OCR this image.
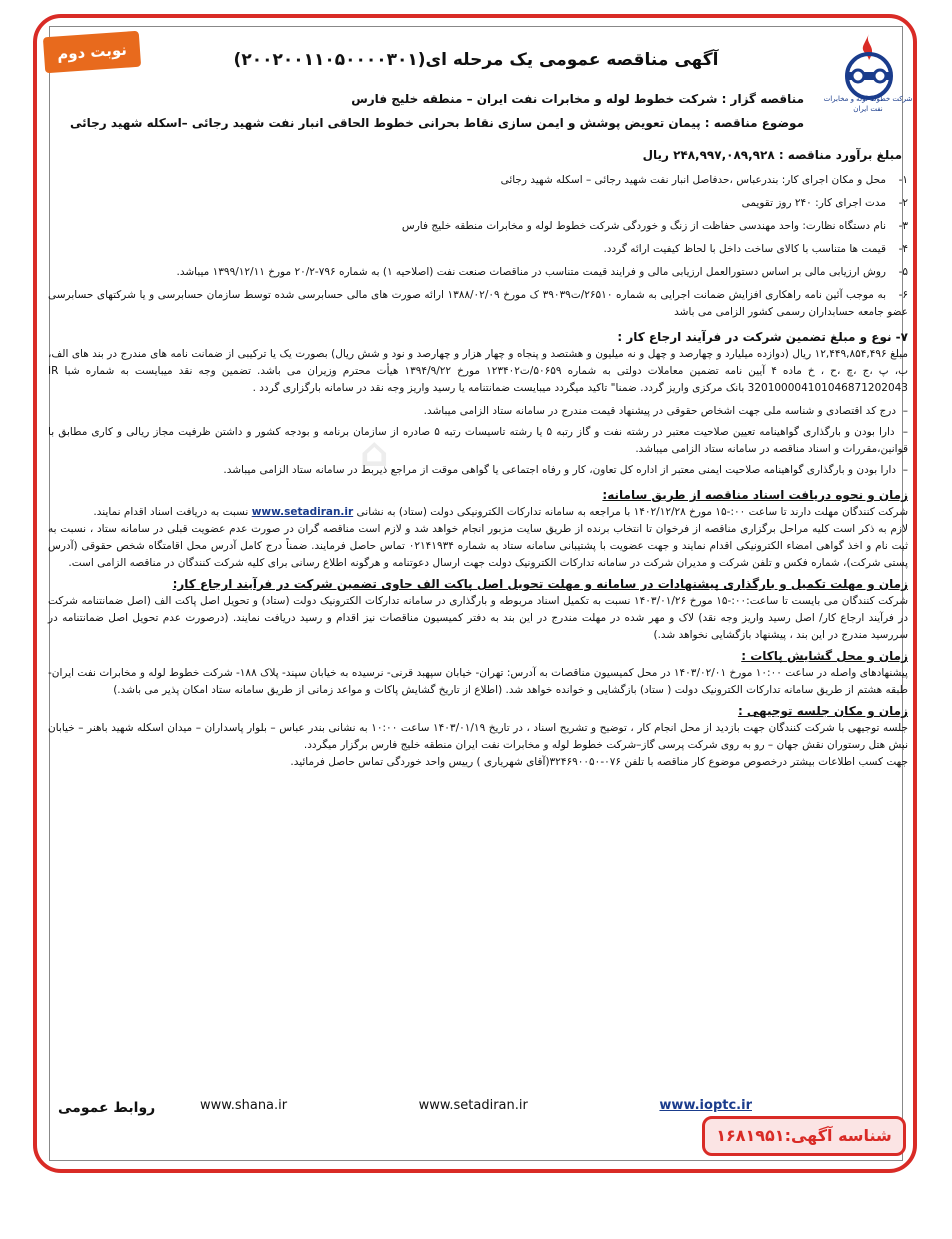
نوبت دوم
شرکت خطوط لوله و مخابرات نفت ایران
آگهی مناقصه عمومی یک مرحله ای(۲۰۰۲۰۰۱۱۰۵۰۰۰۰۳۰۱)
مناقصه گزار : شرکت خطوط لوله و مخابرات نفت ایران – منطقه خلیج فارس
موضوع مناقصه : پیمان تعویض پوشش و ایمن سازی نقاط بحرانی خطوط الحاقی انبار نفت شهید رجائی –اسکله شهید رجائی
مبلغ برآورد مناقصه : ۲۴۸,۹۹۷,۰۸۹,۹۲۸ ریال
⌂
۱-محل و مکان اجرای کار: بندرعباس ،حدفاصل انبار نفت شهید رجائی – اسکله شهید رجائی
۲-مدت اجرای کار: ۲۴۰ روز تقویمی
۳-نام دستگاه نظارت: واحد مهندسی حفاظت از زنگ و خوردگی شرکت خطوط لوله و مخابرات منطقه خلیج فارس
۴-قیمت ها متناسب با کالای ساخت داخل با لحاظ کیفیت ارائه گردد.
۵-روش ارزیابی مالی بر اساس دستورالعمل ارزیابی مالی و فرایند قیمت متناسب در مناقصات صنعت نفت (اصلاحیه ۱) به شماره ۷۹۶-۲۰/۲ مورخ ۱۳۹۹/۱۲/۱۱ میباشد.
۶-به موجب آئین نامه راهکاری افزایش ضمانت اجرایی به شماره ۲۶۵۱۰/ت۳۹۰۳۹ ک مورخ ۱۳۸۸/۰۲/۰۹ ارائه صورت های مالی حسابرسی شده توسط سازمان حسابرسی و یا شرکتهای حسابرسی عضو جامعه حسابداران رسمی کشور الزامی می باشد
۷- نوع و مبلغ تضمین شرکت در فرآیند ارجاع کار :
مبلغ ۱۲,۴۴۹,۸۵۴,۴۹۶ ریال (دوازده میلیارد و چهارصد و چهل و نه میلیون و هشتصد و پنجاه و چهار هزار و چهارصد و نود و شش ریال) بصورت یک یا ترکیبی از ضمانت نامه های مندرج در بند های الف، ب، پ ،ج ،چ ،ح ، خ ماده ۴ آیین نامه تضمین معاملات دولتی به شماره ۵۰۶۵۹/ت۱۲۳۴۰۲ مورخ ۱۳۹۴/۹/۲۲ هیأت محترم وزیران می باشد. تضمین وجه نقد میبایست به شماره شبا IR 320100004101046871202043 بانک مرکزی واریز گردد. ضمنا" تاکید میگردد میبایست ضمانتنامه یا رسید واریز وجه نقد در سامانه بارگزاری گردد .
–  درج کد اقتصادی و شناسه ملی جهت اشخاص حقوقی در پیشنهاد قیمت مندرج در سامانه ستاد الزامی میباشد.
–  دارا بودن و بارگذاری گواهینامه تعیین صلاحیت معتبر در رشته نفت و گاز رتبه ۵ یا رشته تاسیسات رتبه ۵ صادره از سازمان برنامه و بودجه کشور و داشتن ظرفیت مجاز ریالی و کاری مطابق با قوانین،مقررات و اسناد مناقصه در سامانه ستاد الزامی میباشد.
–  دارا بودن و بارگذاری گواهینامه صلاحیت ایمنی معتبر از اداره کل تعاون، کار و رفاه اجتماعی یا گواهی موقت از مراجع ذیربط در سامانه ستاد الزامی میباشد.
زمان و نحوه دریافت اسناد مناقصه از طریق سامانه:
شرکت کنندگان مهلت دارند تا ساعت ۰۰:-۱۵ مورخ ۱۴۰۲/۱۲/۲۸ با مراجعه به سامانه تدارکات الکترونیکی دولت (ستاد) به نشانی www.setadiran.ir نسبت به دریافت اسناد اقدام نمایند.
لازم به ذکر است کلیه مراحل برگزاری مناقصه از فرخوان تا انتخاب برنده از طریق سایت مزبور انجام خواهد شد و لازم است مناقصه گران در صورت عدم عضویت قبلی در سامانه ستاد ، نسبت به ثبت نام و اخذ گواهی امضاء الکترونیکی اقدام نمایند و جهت عضویت با پشتیبانی سامانه ستاد به شماره ۰۲۱۴۱۹۳۴ تماس حاصل فرمایند. ضمناً درج کامل آدرس محل اقامتگاه شخص حقوقی (آدرس پستی شرکت)، شماره فکس و تلفن شرکت و مدیران شرکت در سامانه تدارکات الکترونیک دولت جهت ارسال دعوتنامه و هرگونه اطلاع رسانی برای کلیه شرکت کنندگان در مناقصه الزامی است.
زمان و مهلت تکمیل و بارگذاری پیشنهادات در سامانه و مهلت تحویل اصل پاکت الف حاوی تضمین شرکت در فرآیند ارجاع کار:
شرکت کنندگان می بایست تا ساعت:۰۰:-۱۵ مورخ ۱۴۰۳/۰۱/۲۶ نسبت به تکمیل اسناد مربوطه و بارگذاری در سامانه تدارکات الکترونیک دولت (ستاد) و تحویل اصل پاکت الف (اصل ضمانتنامه شرکت در فرآیند ارجاع کار/ اصل رسید واریز وجه نقد) لاک و مهر شده در مهلت مندرج در این بند به دفتر کمیسیون مناقصات نیز اقدام و رسید دریافت نمایند. (درصورت عدم تحویل اصل ضمانتنامه در سررسید مندرج در این بند ، پیشنهاد بازگشایی نخواهد شد.)
زمان و محل گشایش پاکات :
پیشنهادهای واصله در ساعت ۱۰:۰۰ مورخ ۱۴۰۳/۰۲/۰۱ در محل کمیسیون مناقصات به آدرس: تهران- خیابان سپهبد قرنی- نرسیده به خیابان سپند- پلاک ۱۸۸- شرکت خطوط لوله و مخابرات نفت ایران- طبقه هشتم از طریق سامانه تدارکات الکترونیک دولت ( ستاد) بازگشایی و خوانده خواهد شد. (اطلاع از تاریخ گشایش پاکات و مواعد زمانی از طریق سامانه ستاد امکان پذیر می باشد.)
زمان و مکان جلسه توجیهی :
جلسه توجیهی با شرکت کنندگان جهت بازدید از محل انجام کار ، توضیح و تشریح اسناد ، در تاریخ ۱۴۰۳/۰۱/۱۹ ساعت ۱۰:۰۰ به نشانی بندر عباس – بلوار پاسداران – میدان اسکله شهید باهنر – خیابان نبش هتل رستوران نقش جهان – رو به روی شرکت پرسی گاز–شرکت خطوط لوله و مخابرات نفت ایران منطقه خلیج فارس برگزار میگردد.
جهت کسب اطلاعات بیشتر درخصوص موضوع کار مناقصه با تلفن ۰۷۶-۳۲۴۶۹۰۰۵۰(آقای شهریاری ) رییس واحد خوردگی تماس حاصل فرمائید.
www.shana.ir	www.setadiran.ir	www.ioptc.ir
روابط عمومی
شناسه آگهی:۱۶۸۱۹۵۱
